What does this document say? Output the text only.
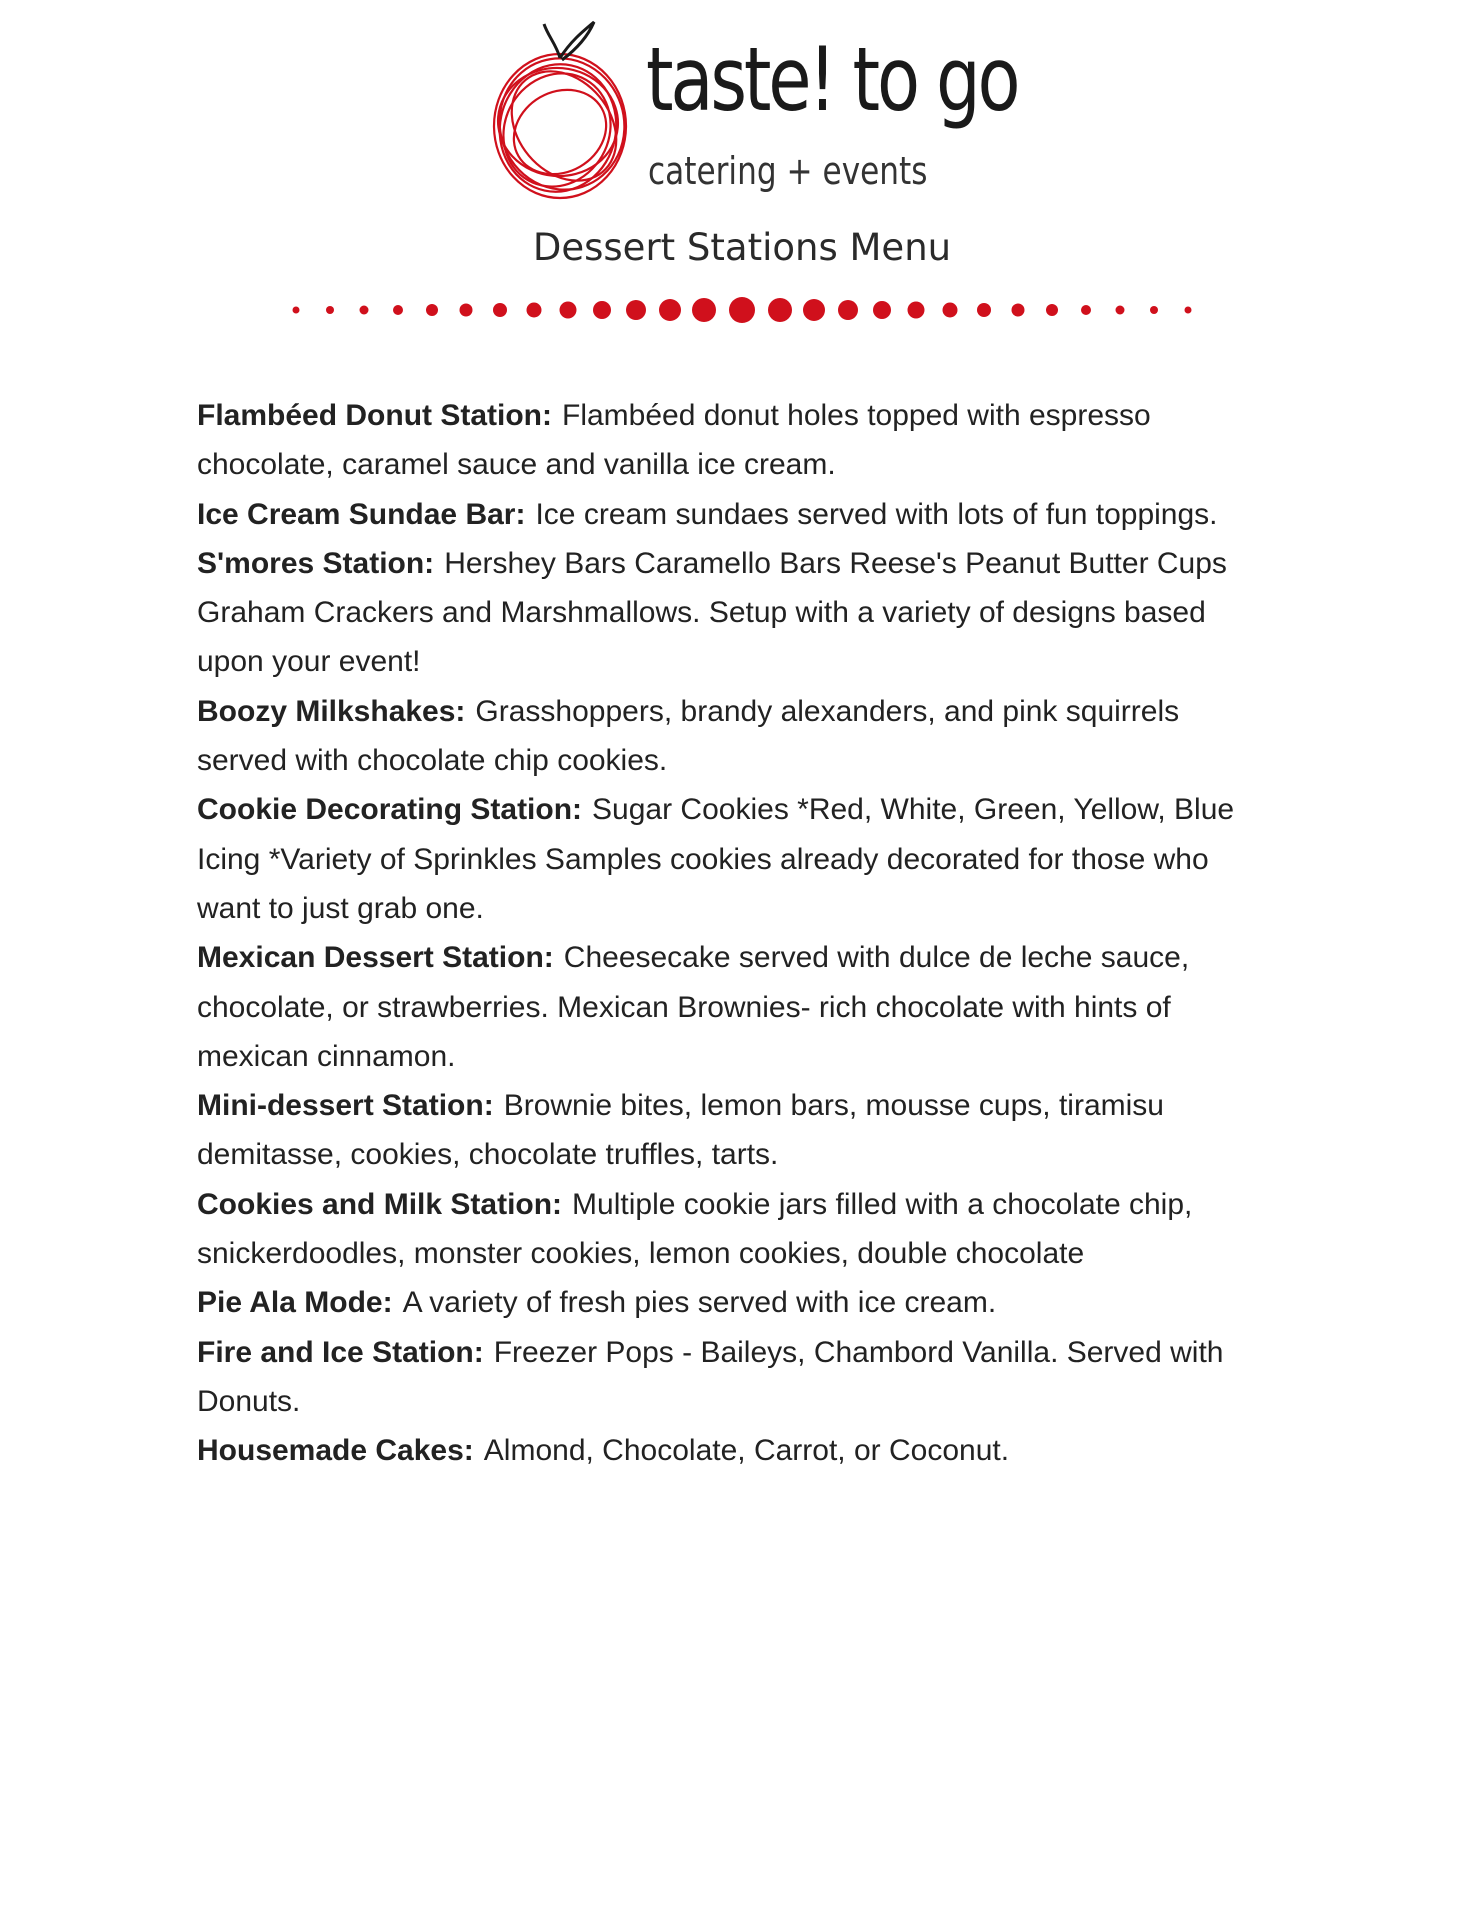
taste! to go
catering + events
Dessert Stations Menu
Flambéed Donut Station: Flambéed donut holes topped with espresso chocolate, caramel sauce and vanilla ice cream.
Ice Cream Sundae Bar: Ice cream sundaes served with lots of fun toppings.
S'mores Station: Hershey Bars Caramello Bars Reese's Peanut Butter Cups Graham Crackers and Marshmallows. Setup with a variety of designs based upon your event!
Boozy Milkshakes: Grasshoppers, brandy alexanders, and pink squirrels served with chocolate chip cookies.
Cookie Decorating Station: Sugar Cookies *Red, White, Green, Yellow, Blue Icing *Variety of Sprinkles Samples cookies already decorated for those who want to just grab one.
Mexican Dessert Station: Cheesecake served with dulce de leche sauce, chocolate, or strawberries. Mexican Brownies- rich chocolate with hints of mexican cinnamon.
Mini-dessert Station: Brownie bites, lemon bars, mousse cups, tiramisu demitasse, cookies, chocolate truffles, tarts.
Cookies and Milk Station: Multiple cookie jars filled with a chocolate chip, snickerdoodles, monster cookies, lemon cookies, double chocolate
Pie Ala Mode: A variety of fresh pies served with ice cream.
Fire and Ice Station: Freezer Pops - Baileys, Chambord Vanilla. Served with Donuts.
Housemade Cakes: Almond, Chocolate, Carrot, or Coconut.
